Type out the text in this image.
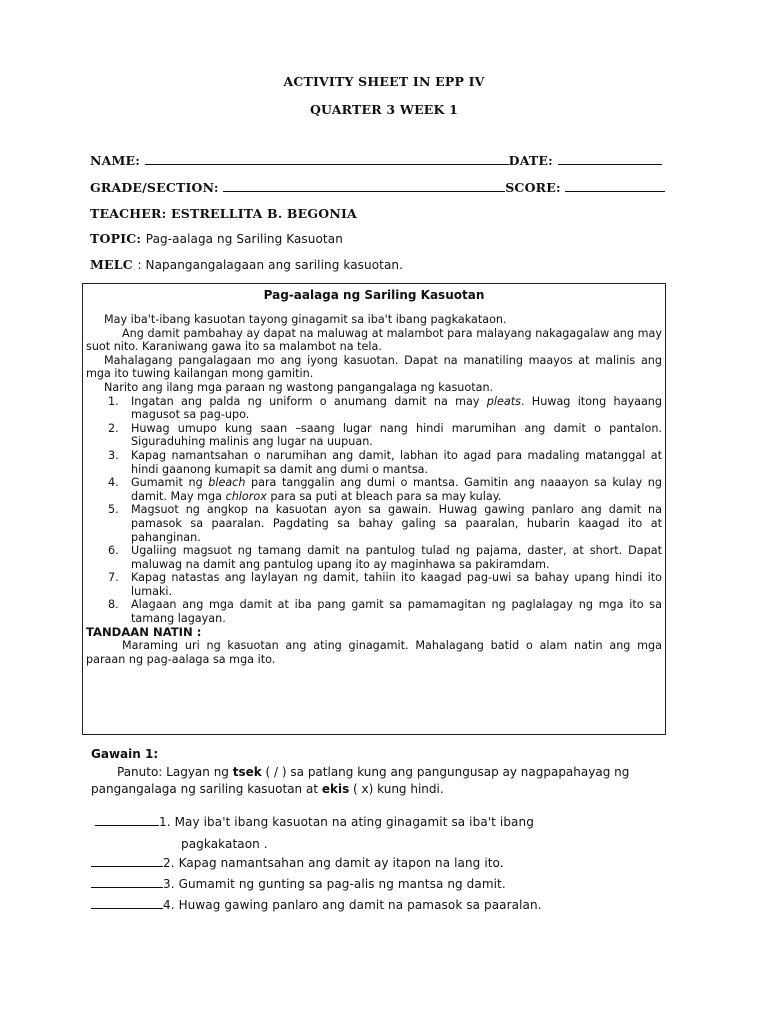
ACTIVITY SHEET IN EPP IV
QUARTER 3 WEEK 1
NAME:	DATE:
GRADE/SECTION:	SCORE:
TEACHER: ESTRELLITA B. BEGONIA
TOPIC: Pag-aalaga ng Sariling Kasuotan
MELC : Napangangalagaan ang sariling kasuotan.
Pag-aalaga ng Sariling Kasuotan

May iba't-ibang kasuotan tayong ginagamit sa iba't ibang pagkakataon.

Ang damit pambahay ay dapat na maluwag at malambot para malayang nakagagalaw ang may suot nito. Karaniwang gawa ito sa malambot na tela.

Mahalagang pangalagaan mo ang iyong kasuotan. Dapat na manatiling maayos at malinis ang mga ito tuwing kailangan mong gamitin.

Narito ang ilang mga paraan ng wastong pangangalaga ng kasuotan.

1. Ingatan ang palda ng uniform o anumang damit na may pleats. Huwag itong hayaang magusot sa pag-upo.
2. Huwag umupo kung saan –saang lugar nang hindi marumihan ang damit o pantalon. Siguraduhing malinis ang lugar na uupuan.
3. Kapag namantsahan o narumihan ang damit, labhan ito agad para madaling matanggal at hindi gaanong kumapit sa damit ang dumi o mantsa.
4. Gumamit ng bleach para tanggalin ang dumi o mantsa. Gamitin ang naaayon sa kulay ng damit. May mga chlorox para sa puti at bleach para sa may kulay.
5. Magsuot ng angkop na kasuotan ayon sa gawain. Huwag gawing panlaro ang damit na pamasok sa paaralan. Pagdating sa bahay galing sa paaralan, hubarin kaagad ito at pahanginan.
6. Ugaliing magsuot ng tamang damit na pantulog tulad ng pajama, daster, at short. Dapat maluwag na damit ang pantulog upang ito ay maginhawa sa pakiramdam.
7. Kapag natastas ang laylayan ng damit, tahiin ito kaagad pag-uwi sa bahay upang hindi ito lumaki.
8. Alagaan ang mga damit at iba pang gamit sa pamamagitan ng paglalagay ng mga ito sa tamang lagayan.

TANDAAN NATIN :

Maraming uri ng kasuotan ang ating ginagamit. Mahalagang batid o alam natin ang mga paraan ng pag-aalaga sa mga ito.

Gawain 1:
Panuto: Lagyan ng tsek ( / ) sa patlang kung ang pangungusap ay nagpapahayag ng pangangalaga ng sariling kasuotan at ekis ( x) kung hindi.
1. May iba't ibang kasuotan na ating ginagamit sa iba't ibang
pagkakataon .
2. Kapag namantsahan ang damit ay itapon na lang ito.
3. Gumamit ng gunting sa pag-alis ng mantsa ng damit.
4. Huwag gawing panlaro ang damit na pamasok sa paaralan.
